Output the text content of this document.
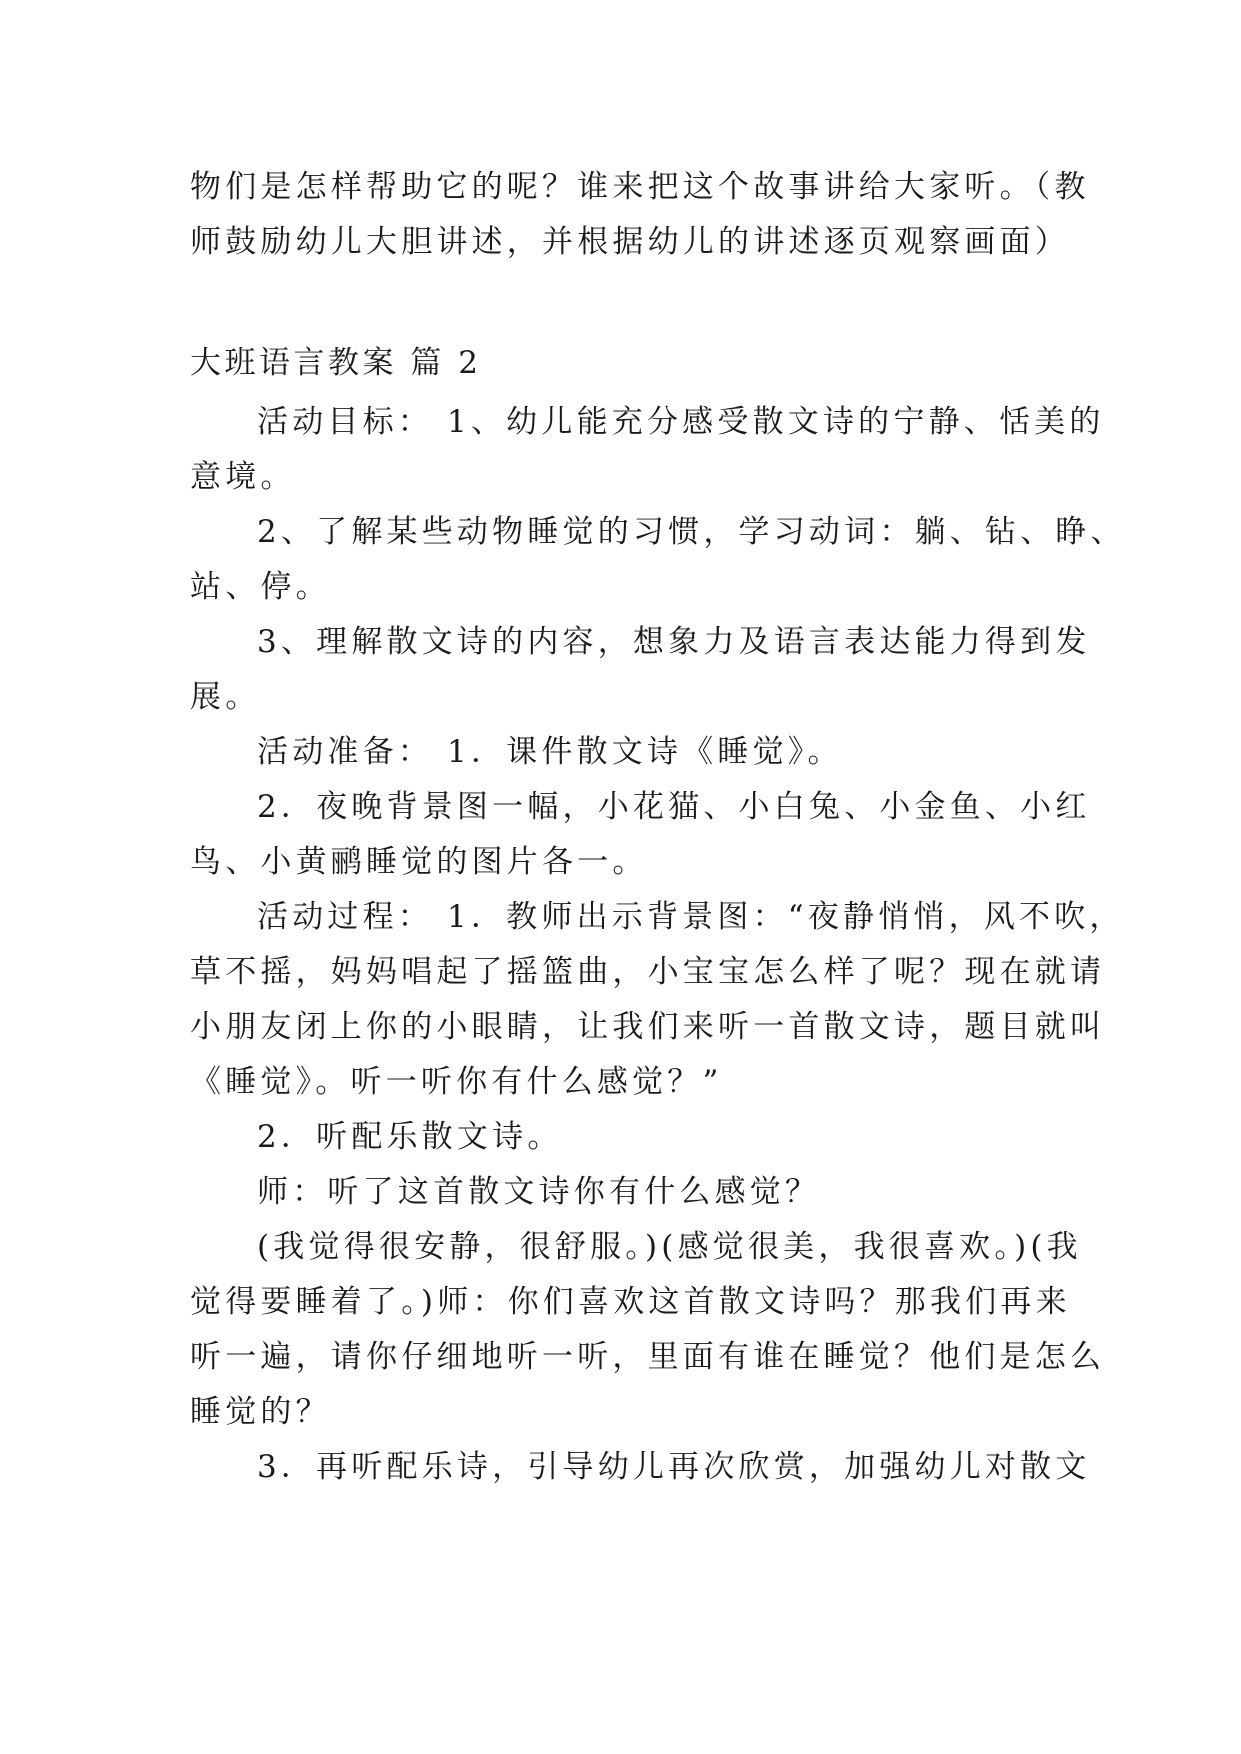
物们是怎样帮助它的呢？谁来把这个故事讲给大家听。（教
师鼓励幼儿大胆讲述，并根据幼儿的讲述逐页观察画面）
大班语言教案 篇 2
活动目标： 1、幼儿能充分感受散文诗的宁静、恬美的
意境。
2、了解某些动物睡觉的习惯，学习动词：躺、钻、睁、
站、停。
3、理解散文诗的内容，想象力及语言表达能力得到发
展。
活动准备： 1．课件散文诗《睡觉》。
2．夜晚背景图一幅，小花猫、小白兔、小金鱼、小红
鸟、小黄鹂睡觉的图片各一。
活动过程： 1．教师出示背景图：“夜静悄悄，风不吹，
草不摇，妈妈唱起了摇篮曲，小宝宝怎么样了呢？现在就请
小朋友闭上你的小眼睛，让我们来听一首散文诗，题目就叫
《睡觉》。听一听你有什么感觉？”
2．听配乐散文诗。
师：听了这首散文诗你有什么感觉？
(我觉得很安静，很舒服。)(感觉很美，我很喜欢。)(我
觉得要睡着了。)师：你们喜欢这首散文诗吗？那我们再来
听一遍，请你仔细地听一听，里面有谁在睡觉？他们是怎么
睡觉的？
3．再听配乐诗，引导幼儿再次欣赏，加强幼儿对散文
